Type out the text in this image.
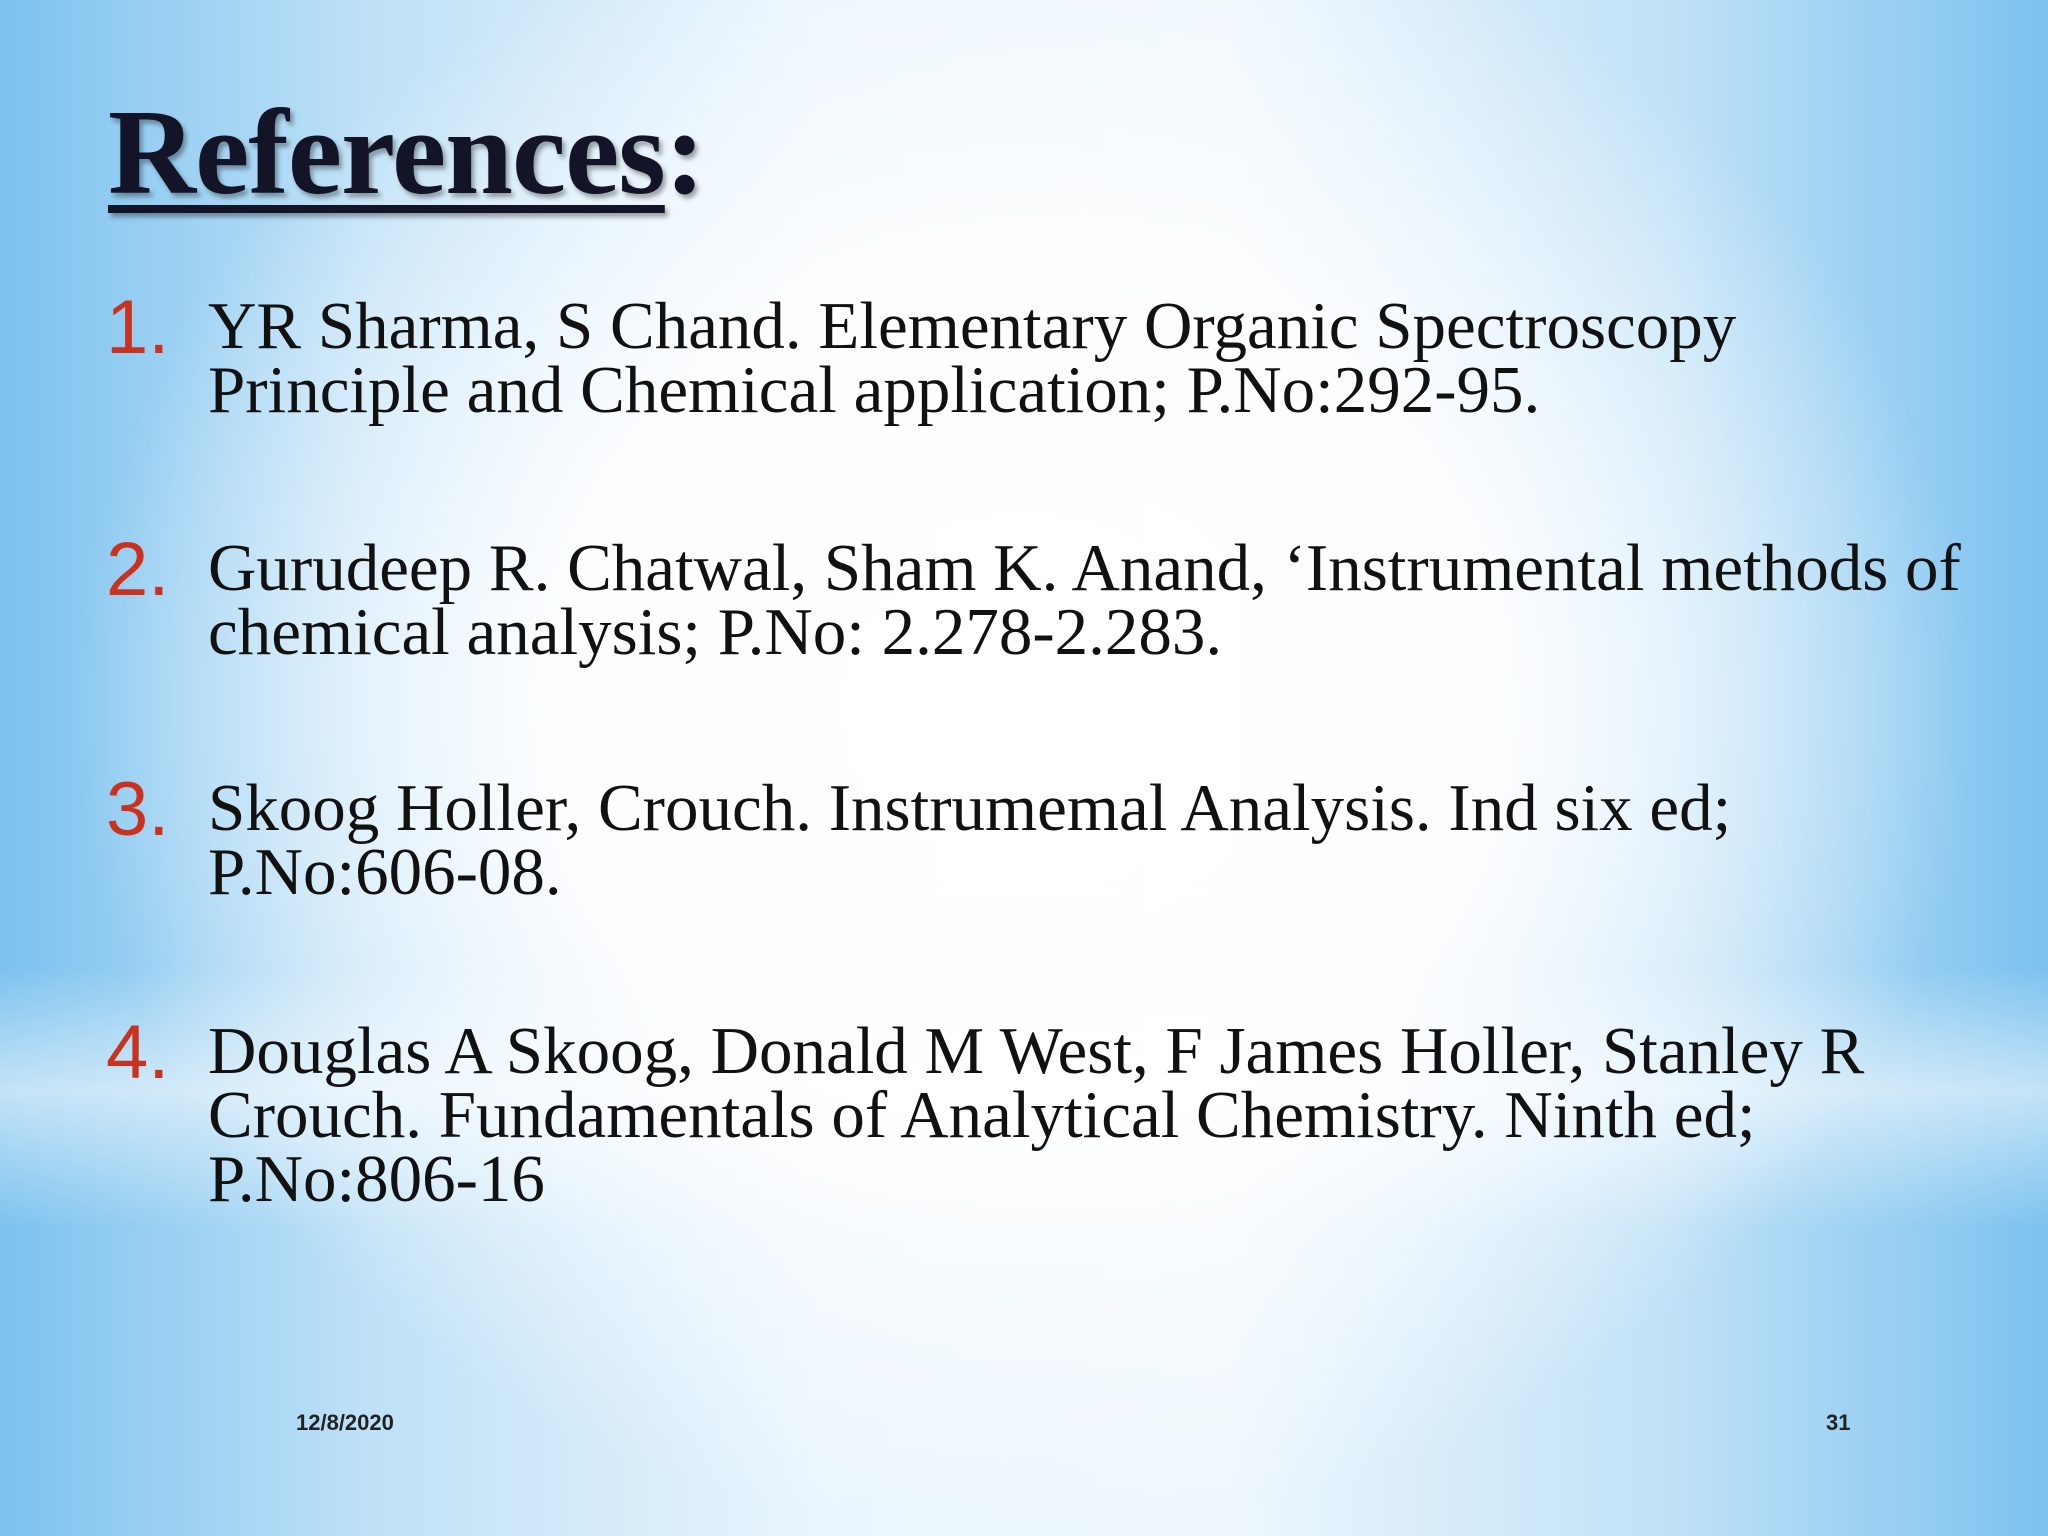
References:
1. YR Sharma, S Chand. Elementary Organic Spectroscopy Principle and Chemical application; P.No:292-95.
2. Gurudeep R. Chatwal, Sham K. Anand, ‘Instrumental methods of chemical analysis; P.No: 2.278-2.283.
3. Skoog Holler, Crouch. Instrumemal Analysis. Ind six ed; P.No:606-08.
4. Douglas A Skoog, Donald M West, F James Holler, Stanley R Crouch. Fundamentals of Analytical Chemistry. Ninth ed; P.No:806-16
12/8/2020	31
